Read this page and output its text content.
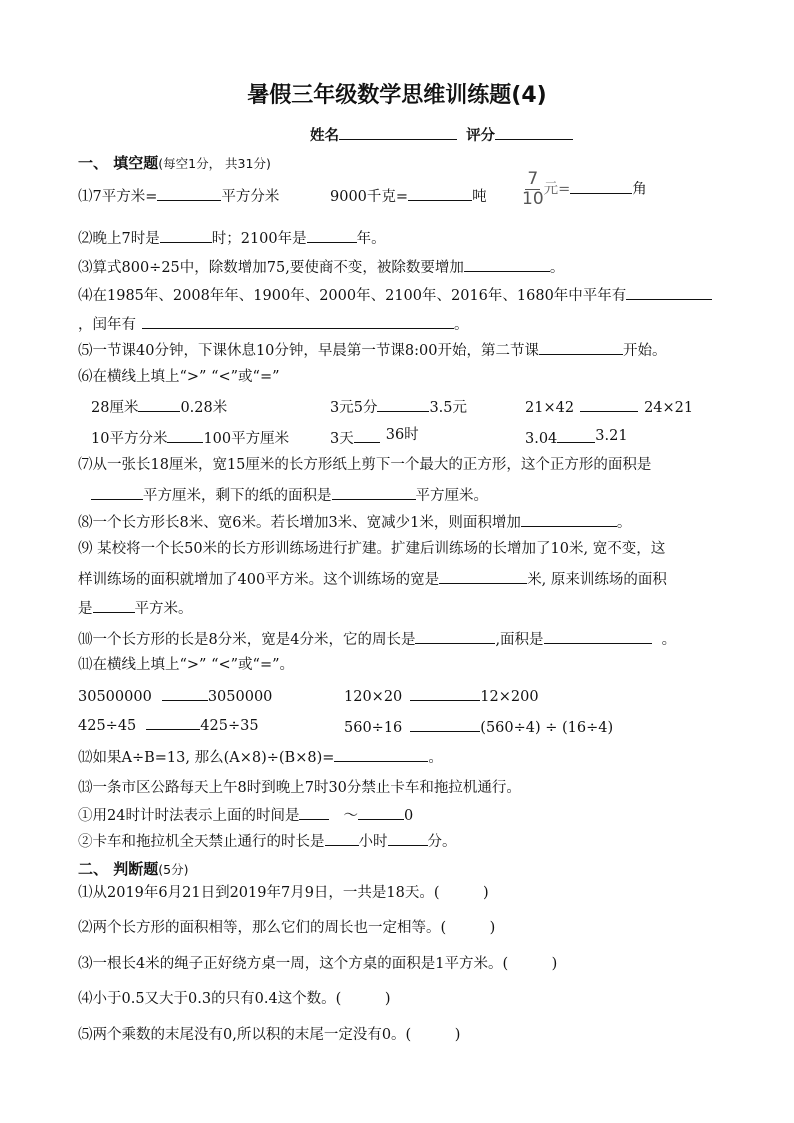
暑假三年级数学思维训练题(4)
姓名	评分
一、 填空题(每空1分， 共31分)
⑴7平方米=	平方分米	9000千克=	吨 $\frac{7}{10}$ 元=	角
⑵晚上7时是	时；2100年是	年。
⑶算式800÷25中，除数增加75,要使商不变，被除数要增加	。
⑷在1985年、2008年年、1900年、2000年、2100年、2016年、1680年中平年有
，闰年有	。
⑸一节课40分钟，下课休息10分钟，早晨第一节课8:00开始，第二节课	开始。
⑹在横线上填上“>” “<”或“=”
28厘米	0.28米	3元5分	3.5元	21×42	24×21
10平方分米 100平方厘米	3天 36时	3.04	3.21
⑺从一张长18厘米，宽15厘米的长方形纸上剪下一个最大的正方形，这个正方形的面积是
平方厘米，剩下的纸的面积是	平方厘米。
⑻一个长方形长8米、宽6米。若长增加3米、宽减少1米，则面积增加	。
⑼ 某校将一个长50米的长方形训练场进行扩建。扩建后训练场的长增加了10米, 宽不变，这
样训练场的面积就增加了400平方米。这个训练场的宽是	米, 原来训练场的面积
是	平方米。
⑽一个长方形的长是8分米，宽是4分米，它的周长是	,面积是	。
⑾在横线上填上“>” “<”或“=”。
30500000	3050000	120×20	12×200
425÷45	425÷35	560÷16	(560÷4) ÷ (16÷4)
⑿如果A÷B=13, 那么(A×8)÷(B×8)=	。
⒀一条市区公路每天上午8时到晚上7时30分禁止卡车和拖拉机通行。
①用24时计时法表示上面的时间是	～	0
②卡车和拖拉机全天禁止通行的时长是 小时	分。
二、 判断题(5分)
⑴从2019年6月21日到2019年7月9日，一共是18天。(　　　)
⑵两个长方形的面积相等，那么它们的周长也一定相等。(　　　)
⑶一根长4米的绳子正好绕方桌一周，这个方桌的面积是1平方米。(　　　)
⑷小于0.5又大于0.3的只有0.4这个数。(　　　)
⑸两个乘数的末尾没有0,所以积的末尾一定没有0。(　　　)
